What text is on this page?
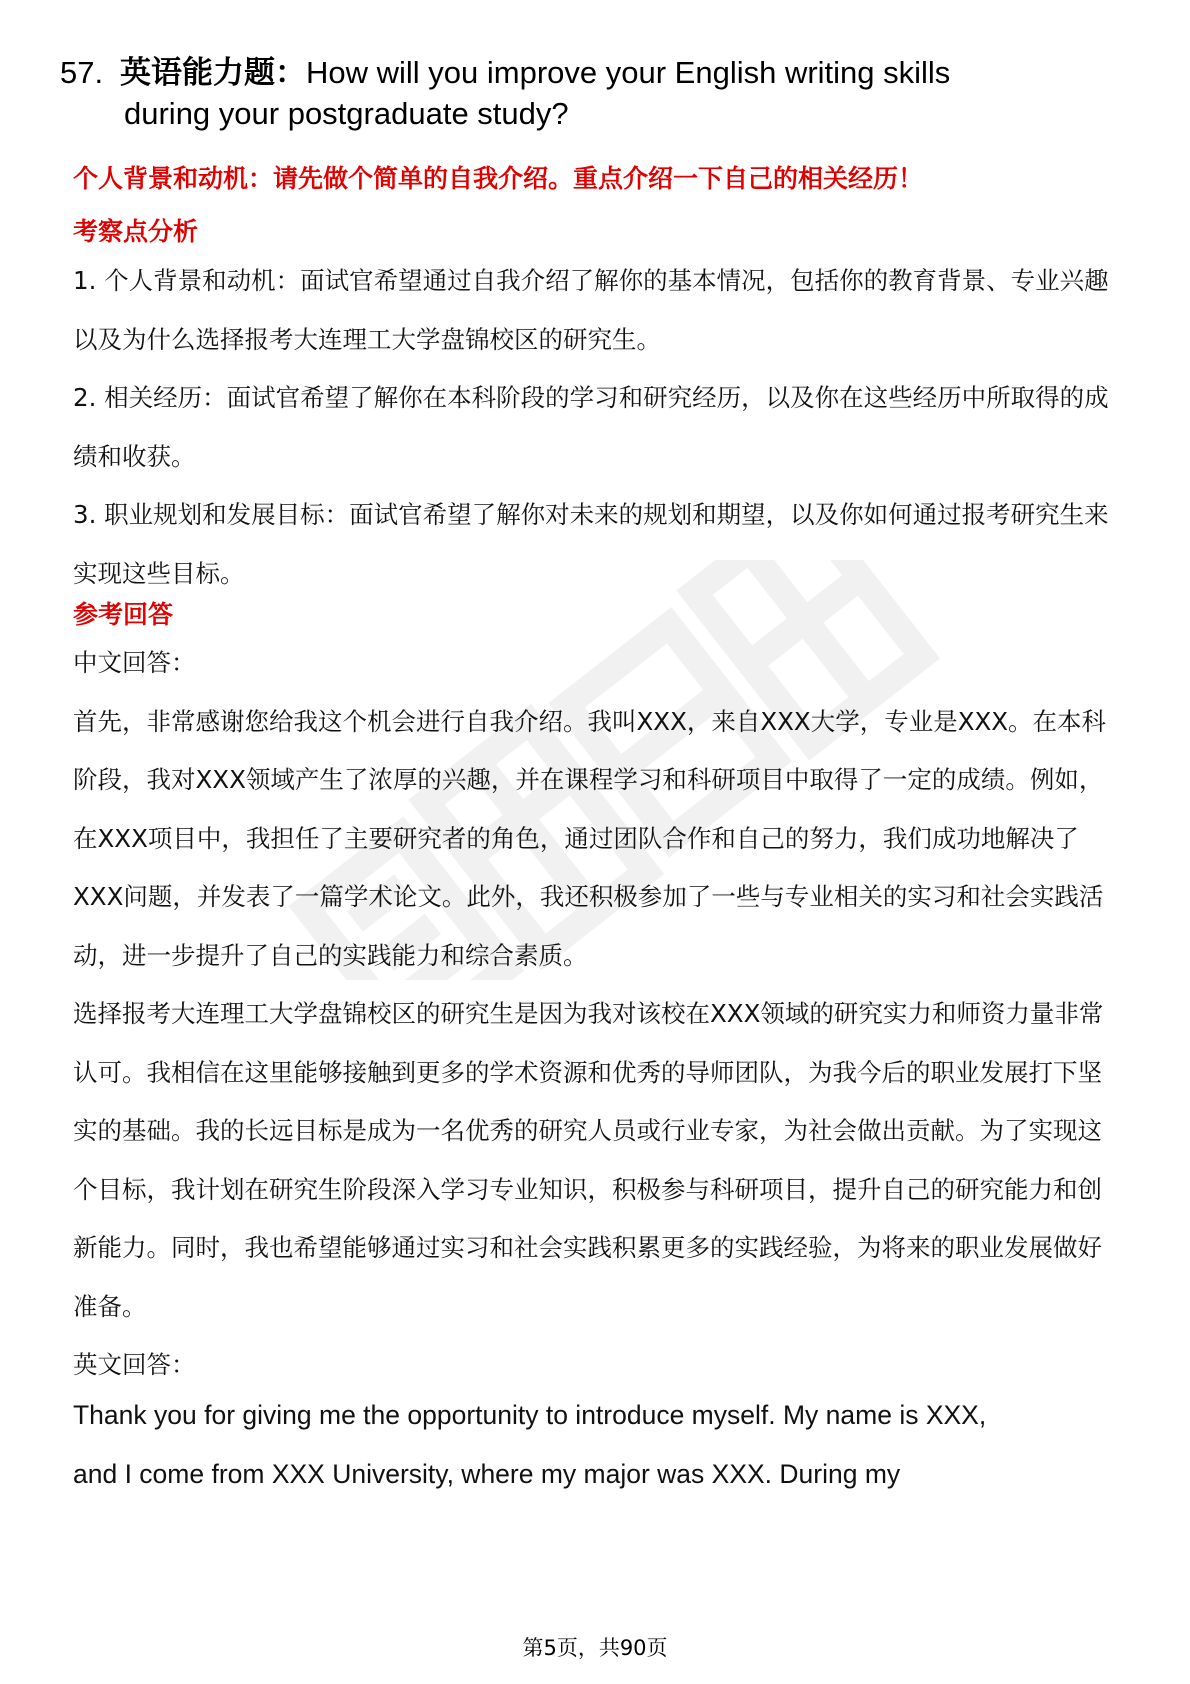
57. 英语能力题：How will you improve your English writing skills
during your postgraduate study?
个人背景和动机：请先做个简单的自我介绍。重点介绍一下自己的相关经历！
考察点分析

1. 个人背景和动机：面试官希望通过自我介绍了解你的基本情况，包括你的教育背景、专业兴趣以及为什么选择报考大连理工大学盘锦校区的研究生。

2. 相关经历：面试官希望了解你在本科阶段的学习和研究经历，以及你在这些经历中所取得的成绩和收获。

3. 职业规划和发展目标：面试官希望了解你对未来的规划和期望，以及你如何通过报考研究生来实现这些目标。

参考回答

中文回答：

首先，非常感谢您给我这个机会进行自我介绍。我叫XXX，来自XXX大学，专业是XXX。在本科阶段，我对XXX领域产生了浓厚的兴趣，并在课程学习和科研项目中取得了一定的成绩。例如，在XXX项目中，我担任了主要研究者的角色，通过团队合作和自己的努力，我们成功地解决了XXX问题，并发表了一篇学术论文。此外，我还积极参加了一些与专业相关的实习和社会实践活动，进一步提升了自己的实践能力和综合素质。

选择报考大连理工大学盘锦校区的研究生是因为我对该校在XXX领域的研究实力和师资力量非常认可。我相信在这里能够接触到更多的学术资源和优秀的导师团队，为我今后的职业发展打下坚实的基础。我的长远目标是成为一名优秀的研究人员或行业专家，为社会做出贡献。为了实现这个目标，我计划在研究生阶段深入学习专业知识，积极参与科研项目，提升自己的研究能力和创新能力。同时，我也希望能够通过实习和社会实践积累更多的实践经验，为将来的职业发展做好准备。

英文回答：

Thank you for giving me the opportunity to introduce myself. My name is XXX,

and I come from XXX University, where my major was XXX. During my

第5页，共90页
